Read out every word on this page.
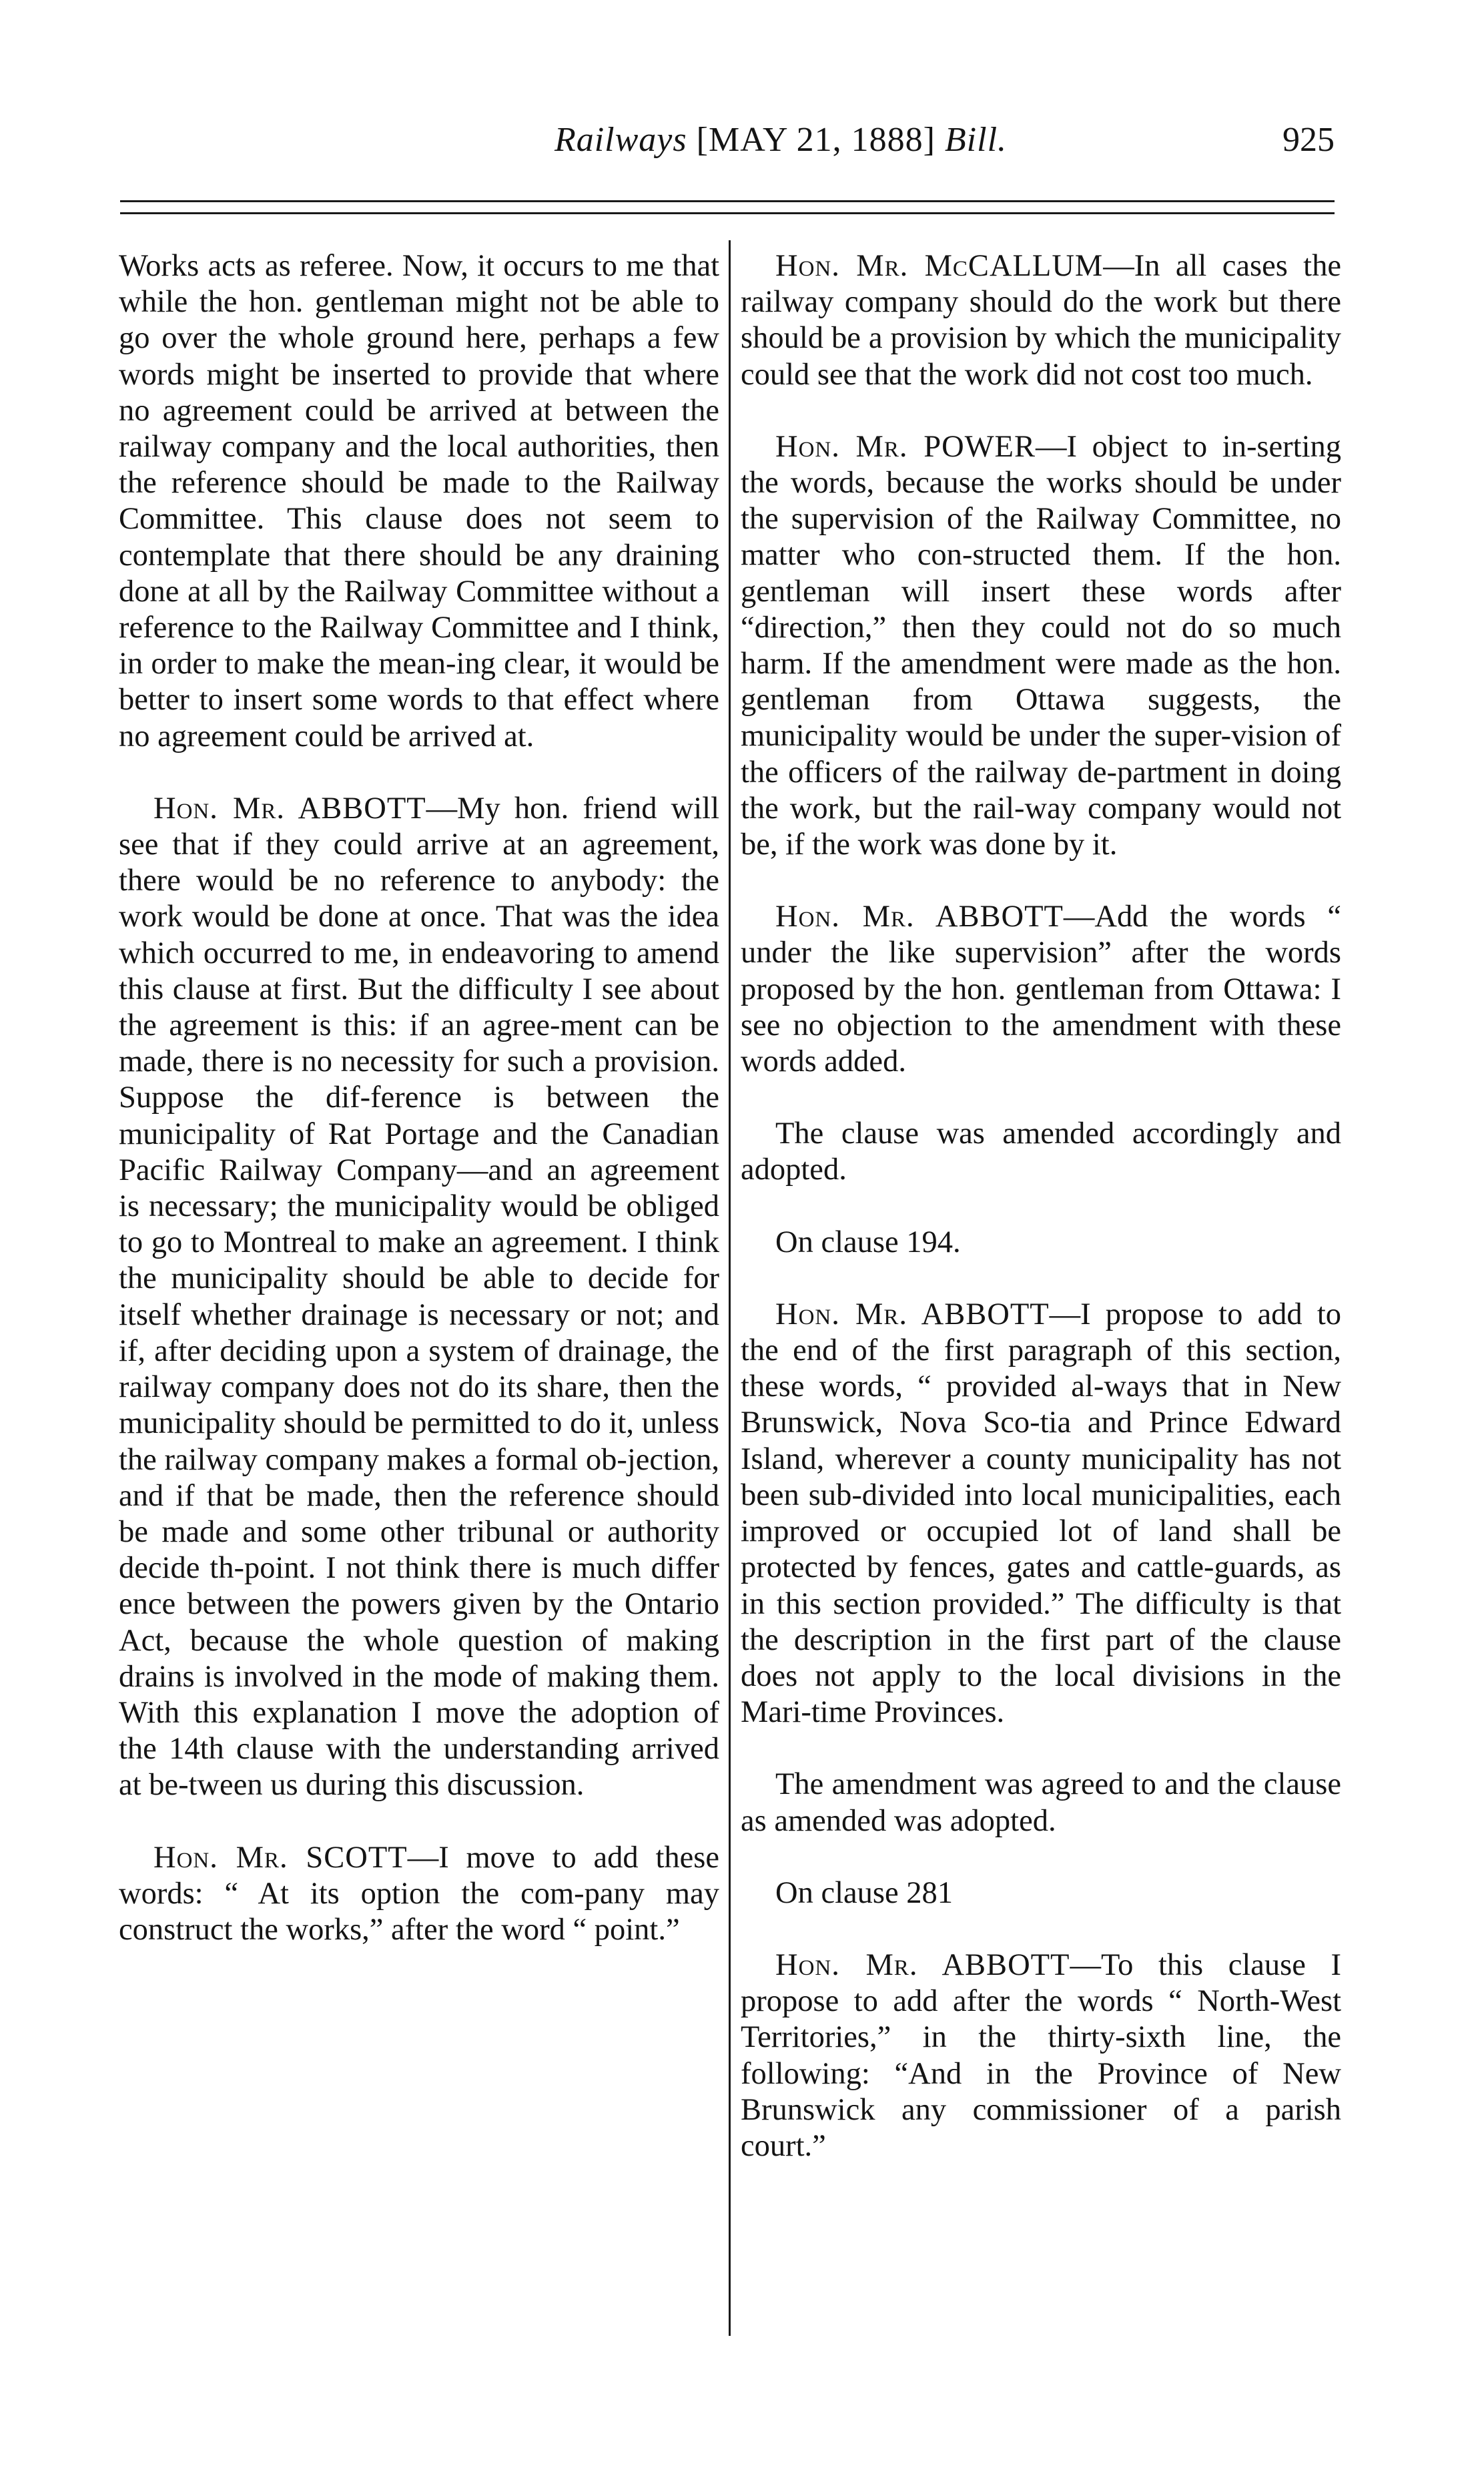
Railways [MAY 21, 1888] Bill.	925

Works acts as referee. Now, it occurs to me that while the hon. gentleman might not be able to go over the whole ground here, perhaps a few words might be inserted to provide that where no agreement could be arrived at between the railway company and the local authorities, then the reference should be made to the Railway Committee. This clause does not seem to contemplate that there should be any draining done at all by the Railway Committee without a reference to the Railway Committee and I think, in order to make the mean-ing clear, it would be better to insert some words to that effect where no agreement could be arrived at.

Hon. Mr. ABBOTT—My hon. friend will see that if they could arrive at an agreement, there would be no reference to anybody: the work would be done at once. That was the idea which occurred to me, in endeavoring to amend this clause at first. But the difficulty I see about the agreement is this: if an agree-ment can be made, there is no necessity for such a provision. Suppose the dif-ference is between the municipality of Rat Portage and the Canadian Pacific Railway Company—and an agreement is necessary; the municipality would be obliged to go to Montreal to make an agreement. I think the municipality should be able to decide for itself whether drainage is necessary or not; and if, after deciding upon a system of drainage, the railway company does not do its share, then the municipality should be permitted to do it, unless the railway company makes a formal ob-jection, and if that be made, then the reference should be made and some other tribunal or authority decide th-point. I not think there is much differ ence between the powers given by the Ontario Act, because the whole question of making drains is involved in the mode of making them. With this explanation I move the adoption of the 14th clause with the understanding arrived at be-tween us during this discussion.

Hon. Mr. SCOTT—I move to add these words: “ At its option the com-pany may construct the works,” after the word “ point.”

Hon. Mr. McCALLUM—In all cases the railway company should do the work but there should be a provision by which the municipality could see that the work did not cost too much.

Hon. Mr. POWER—I object to in-serting the words, because the works should be under the supervision of the Railway Committee, no matter who con-structed them. If the hon. gentleman will insert these words after “direction,” then they could not do so much harm. If the amendment were made as the hon. gentleman from Ottawa suggests, the municipality would be under the super-vision of the officers of the railway de-partment in doing the work, but the rail-way company would not be, if the work was done by it.

Hon. Mr. ABBOTT—Add the words “ under the like supervision” after the words proposed by the hon. gentleman from Ottawa: I see no objection to the amendment with these words added.

The clause was amended accordingly and adopted.

On clause 194.

Hon. Mr. ABBOTT—I propose to add to the end of the first paragraph of this section, these words, “ provided al-ways that in New Brunswick, Nova Sco-tia and Prince Edward Island, wherever a county municipality has not been sub-divided into local municipalities, each improved or occupied lot of land shall be protected by fences, gates and cattle-guards, as in this section provided.” The difficulty is that the description in the first part of the clause does not apply to the local divisions in the Mari-time Provinces.

The amendment was agreed to and the clause as amended was adopted.

On clause 281

Hon. Mr. ABBOTT—To this clause I propose to add after the words “ North-West Territories,” in the thirty-sixth line, the following: “And in the Province of New Brunswick any commissioner of a parish court.”
